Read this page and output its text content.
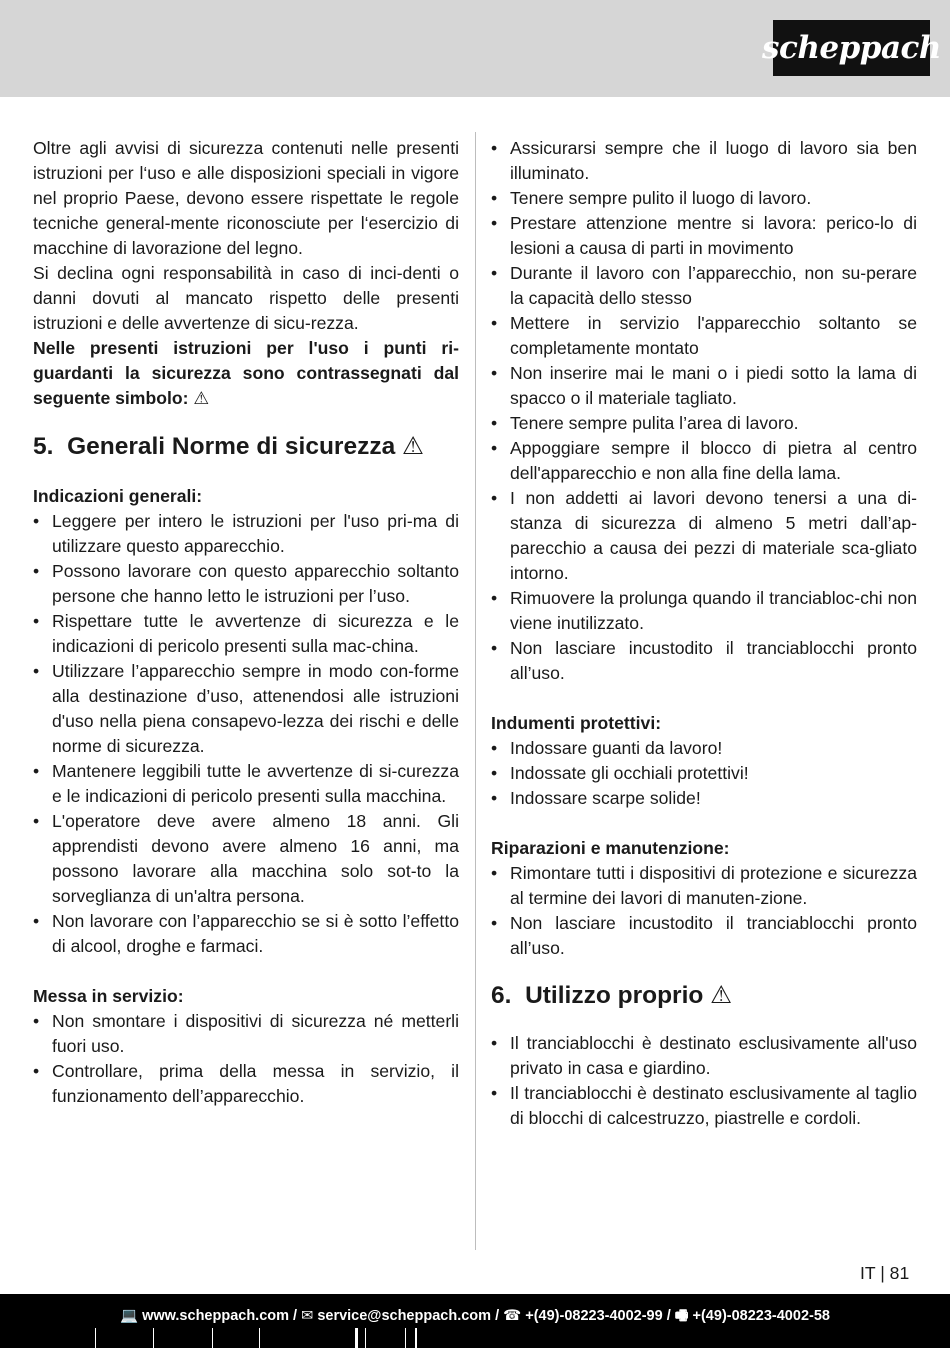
scheppach

Oltre agli avvisi di sicurezza contenuti nelle presenti istruzioni per l‘uso e alle disposizioni speciali in vigore nel proprio Paese, devono essere rispettate le regole tecniche general-mente riconosciute per l‘esercizio di macchine di lavorazione del legno.

Si declina ogni responsabilità in caso di inci-denti o danni dovuti al mancato rispetto delle presenti istruzioni e delle avvertenze di sicu-rezza.

Nelle presenti istruzioni per l'uso i punti ri-guardanti la sicurezza sono contrassegnati dal seguente simbolo: ⚠

5. Generali Norme di sicurezza ⚠

Indicazioni generali:

• Leggere per intero le istruzioni per l'uso pri-ma di utilizzare questo apparecchio.
• Possono lavorare con questo apparecchio soltanto persone che hanno letto le istruzioni per l’uso.
• Rispettare tutte le avvertenze di sicurezza e le indicazioni di pericolo presenti sulla mac-china.
• Utilizzare l’apparecchio sempre in modo con-forme alla destinazione d’uso, attenendosi alle istruzioni d'uso nella piena consapevo-lezza dei rischi e delle norme di sicurezza.
• Mantenere leggibili tutte le avvertenze di si-curezza e le indicazioni di pericolo presenti sulla macchina.
• L'operatore deve avere almeno 18 anni. Gli apprendisti devono avere almeno 16 anni, ma possono lavorare alla macchina solo sot-to la sorveglianza di un'altra persona.
• Non lavorare con l’apparecchio se si è sotto l’effetto di alcool, droghe e farmaci.

Messa in servizio:

• Non smontare i dispositivi di sicurezza né metterli fuori uso.
• Controllare, prima della messa in servizio, il funzionamento dell’apparecchio.
• Assicurarsi sempre che il luogo di lavoro sia ben illuminato.
• Tenere sempre pulito il luogo di lavoro.
• Prestare attenzione mentre si lavora: perico-lo di lesioni a causa di parti in movimento
• Durante il lavoro con l’apparecchio, non su-perare la capacità dello stesso
• Mettere in servizio l'apparecchio soltanto se completamente montato
• Non inserire mai le mani o i piedi sotto la lama di spacco o il materiale tagliato.
• Tenere sempre pulita l’area di lavoro.
• Appoggiare sempre il blocco di pietra al centro dell'apparecchio e non alla fine della lama.
• I non addetti ai lavori devono tenersi a una di-stanza di sicurezza di almeno 5 metri dall’ap-parecchio a causa dei pezzi di materiale sca-gliato intorno.
• Rimuovere la prolunga quando il tranciabloc-chi non viene inutilizzato.
• Non lasciare incustodito il tranciablocchi pronto all’uso.

Indumenti protettivi:

• Indossare guanti da lavoro!
• Indossate gli occhiali protettivi!
• Indossare scarpe solide!

Riparazioni e manutenzione:

• Rimontare tutti i dispositivi di protezione e sicurezza al termine dei lavori di manuten-zione.
• Non lasciare incustodito il tranciablocchi pronto all’uso.
6. Utilizzo proprio ⚠
• Il tranciablocchi è destinato esclusivamente all'uso privato in casa e giardino.
• Il tranciablocchi è destinato esclusivamente al taglio di blocchi di calcestruzzo, piastrelle e cordoli.
IT | 81
💻 www.scheppach.com / ✉ service@scheppach.com / ☎ +(49)-08223-4002-99 / 🖷 +(49)-08223-4002-58
